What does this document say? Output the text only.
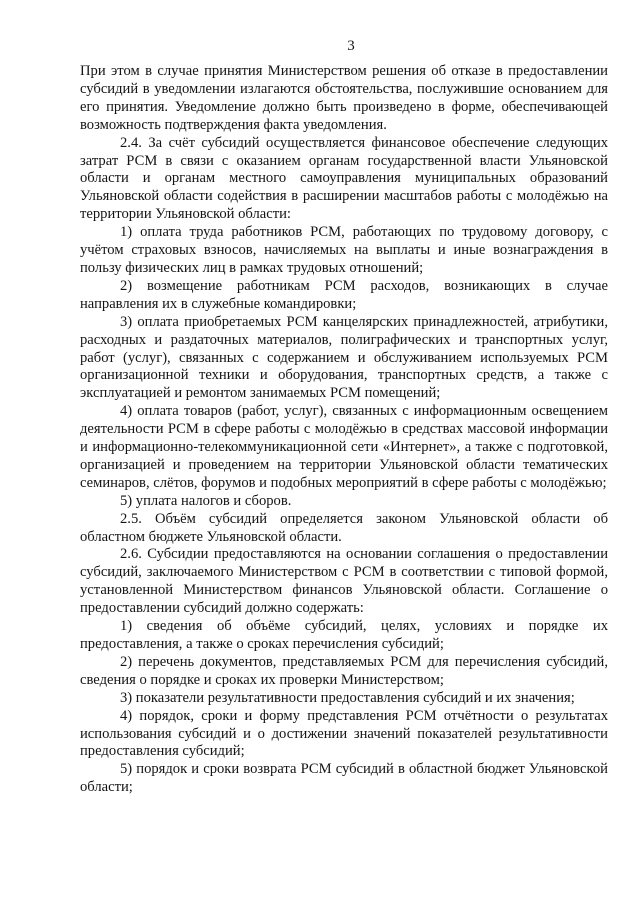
3

При этом в случае принятия Министерством решения об отказе в предоставлении субсидий в уведомлении излагаются обстоятельства, послужившие основанием для его принятия. Уведомление должно быть произведено в форме, обеспечивающей возможность подтверждения факта уведомления.

2.4. За счёт субсидий осуществляется финансовое обеспечение следующих затрат РСМ в связи с оказанием органам государственной власти Ульяновской области и органам местного самоуправления муниципальных образований Ульяновской области содействия в расширении масштабов работы с молодёжью на территории Ульяновской области:

1) оплата труда работников РСМ, работающих по трудовому договору, с учётом страховых взносов, начисляемых на выплаты и иные вознаграждения в пользу физических лиц в рамках трудовых отношений;

2) возмещение работникам РСМ расходов, возникающих в случае направления их в служебные командировки;

3) оплата приобретаемых РСМ канцелярских принадлежностей, атрибутики, расходных и раздаточных материалов, полиграфических и транспортных услуг, работ (услуг), связанных с содержанием и обслуживанием используемых РСМ организационной техники и оборудования, транспортных средств, а также с эксплуатацией и ремонтом занимаемых РСМ помещений;

4) оплата товаров (работ, услуг), связанных с информационным освещением деятельности РСМ в сфере работы с молодёжью в средствах массовой информации и информационно-телекоммуникационной сети «Интернет», а также с подготовкой, организацией и проведением на территории Ульяновской области тематических семинаров, слётов, форумов и подобных мероприятий в сфере работы с молодёжью;

5) уплата налогов и сборов.

2.5. Объём субсидий определяется законом Ульяновской области об областном бюджете Ульяновской области.

2.6. Субсидии предоставляются на основании соглашения о предоставлении субсидий, заключаемого Министерством с РСМ в соответствии с типовой формой, установленной Министерством финансов Ульяновской области. Соглашение о предоставлении субсидий должно содержать:

1) сведения об объёме субсидий, целях, условиях и порядке их предоставления, а также о сроках перечисления субсидий;

2) перечень документов, представляемых РСМ для перечисления субсидий, сведения о порядке и сроках их проверки Министерством;

3) показатели результативности предоставления субсидий и их значения;

4) порядок, сроки и форму представления РСМ отчётности о результатах использования субсидий и о достижении значений показателей результативности предоставления субсидий;

5) порядок и сроки возврата РСМ субсидий в областной бюджет Ульяновской области;
